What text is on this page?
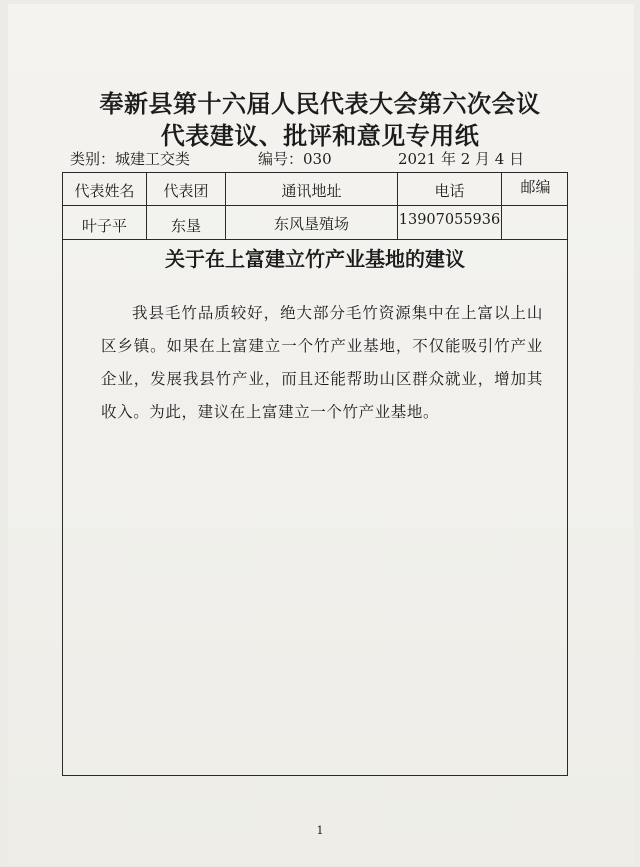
奉新县第十六届人民代表大会第六次会议
代表建议、批评和意见专用纸
类别：城建工交类	编号：030	2021 年 2 月 4 日
代表姓名	代表团	通讯地址	电话	邮编
叶子平	东垦	东风垦殖场	13907055936
关于在上富建立竹产业基地的建议
我县毛竹品质较好，绝大部分毛竹资源集中在上富以上山区乡镇。如果在上富建立一个竹产业基地，不仅能吸引竹产业企业，发展我县竹产业，而且还能帮助山区群众就业，增加其收入。为此，建议在上富建立一个竹产业基地。
1
